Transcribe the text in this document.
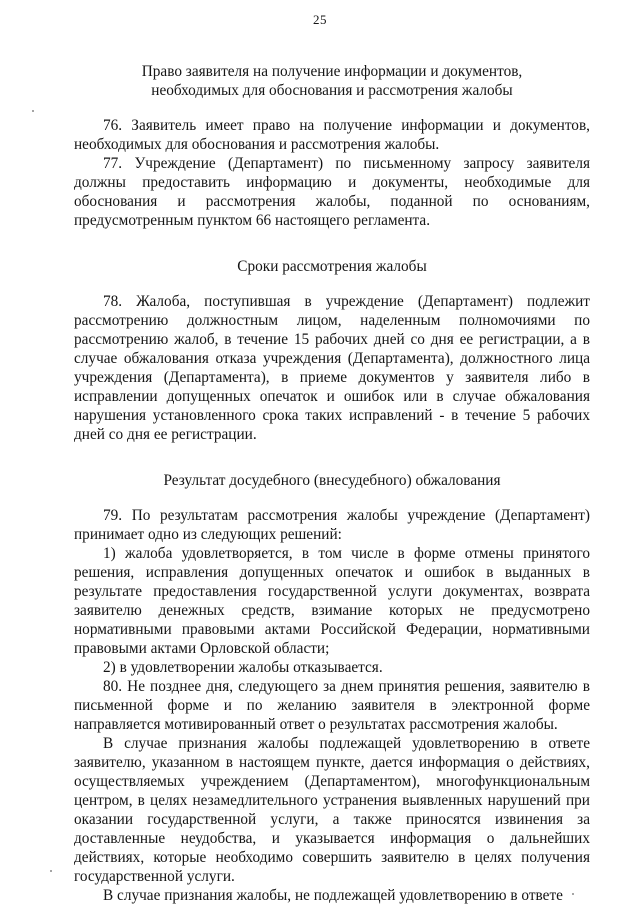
25
Право заявителя на получение информации и документов,
необходимых для обоснования и рассмотрения жалобы

76. Заявитель имеет право на получение информации и документов, необходимых для обоснования и рассмотрения жалобы.

77. Учреждение (Департамент) по письменному запросу заявителя должны предоставить информацию и документы, необходимые для обоснования и рассмотрения жалобы, поданной по основаниям, предусмотренным пунктом 66 настоящего регламента.

Сроки рассмотрения жалобы

78. Жалоба, поступившая в учреждение (Департамент) подлежит рассмотрению должностным лицом, наделенным полномочиями по рассмотрению жалоб, в течение 15 рабочих дней со дня ее регистрации, а в случае обжалования отказа учреждения (Департамента), должностного лица учреждения (Департамента), в приеме документов у заявителя либо в исправлении допущенных опечаток и ошибок или в случае обжалования нарушения установленного срока таких исправлений - в течение 5 рабочих дней со дня ее регистрации.

Результат досудебного (внесудебного) обжалования

79. По результатам рассмотрения жалобы учреждение (Департамент) принимает одно из следующих решений:

1) жалоба удовлетворяется, в том числе в форме отмены принятого решения, исправления допущенных опечаток и ошибок в выданных в результате предоставления государственной услуги документах, возврата заявителю денежных средств, взимание которых не предусмотрено нормативными правовыми актами Российской Федерации, нормативными правовыми актами Орловской области;

2) в удовлетворении жалобы отказывается.

80. Не позднее дня, следующего за днем принятия решения, заявителю в письменной форме и по желанию заявителя в электронной форме направляется мотивированный ответ о результатах рассмотрения жалобы.

В случае признания жалобы подлежащей удовлетворению в ответе заявителю, указанном в настоящем пункте, дается информация о действиях, осуществляемых учреждением (Департаментом), многофункциональным центром, в целях незамедлительного устранения выявленных нарушений при оказании государственной услуги, а также приносятся извинения за доставленные неудобства, и указывается информация о дальнейших действиях, которые необходимо совершить заявителю в целях получения государственной услуги.

В случае признания жалобы, не подлежащей удовлетворению в ответе
